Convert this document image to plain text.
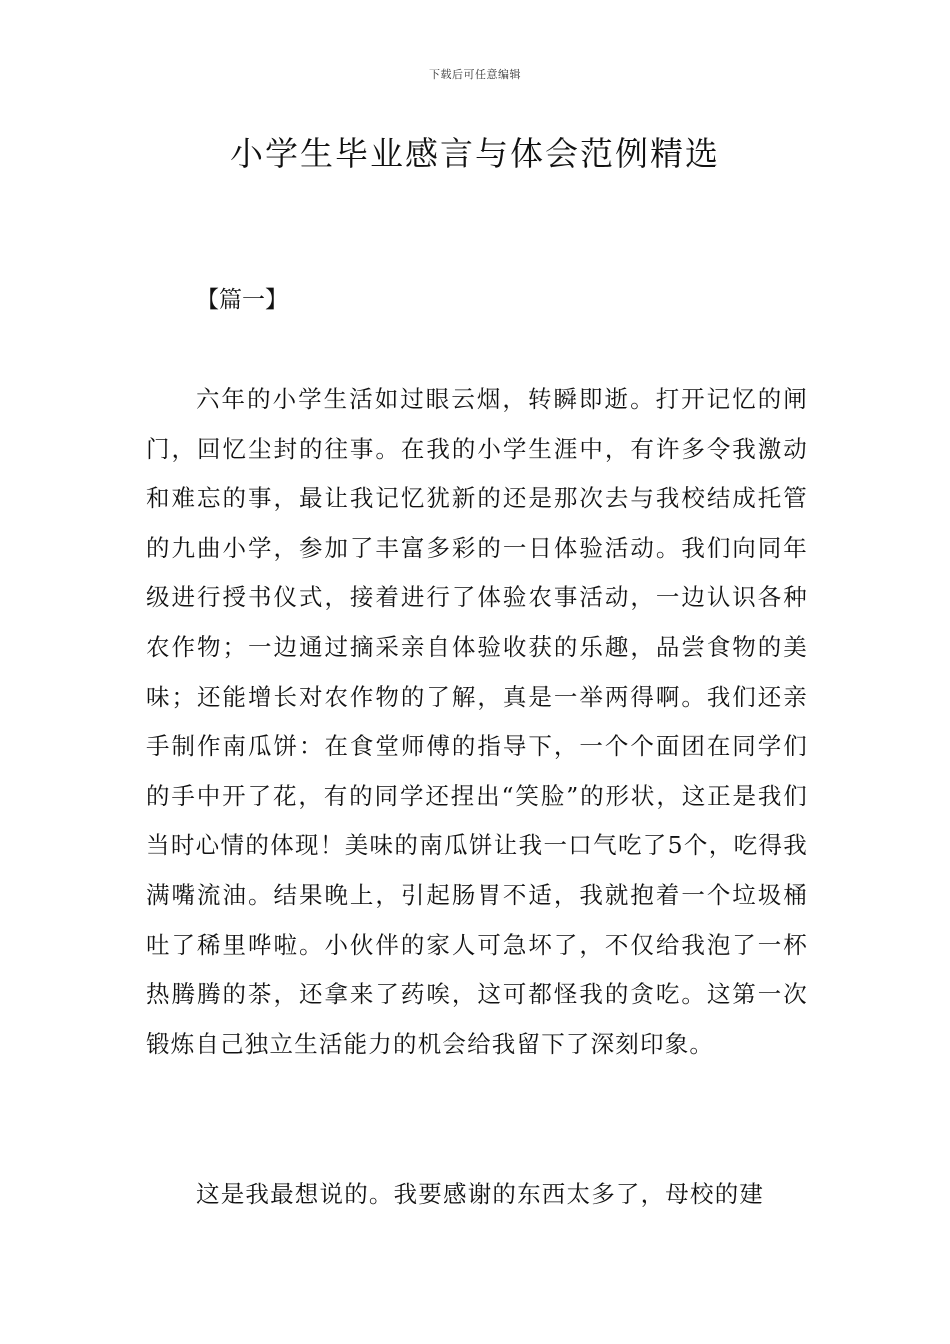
下载后可任意编辑
小学生毕业感言与体会范例精选
【篇一】

六年的小学生活如过眼云烟，转瞬即逝。打开记忆的闸门，回忆尘封的往事。在我的小学生涯中，有许多令我激动和难忘的事，最让我记忆犹新的还是那次去与我校结成托管的九曲小学，参加了丰富多彩的一日体验活动。我们向同年级进行授书仪式，接着进行了体验农事活动，一边认识各种农作物；一边通过摘采亲自体验收获的乐趣，品尝食物的美味；还能增长对农作物的了解，真是一举两得啊。我们还亲手制作南瓜饼：在食堂师傅的指导下，一个个面团在同学们的手中开了花，有的同学还捏出“笑脸”的形状，这正是我们当时心情的体现！美味的南瓜饼让我一口气吃了5个，吃得我满嘴流油。结果晚上，引起肠胃不适，我就抱着一个垃圾桶吐了稀里哗啦。小伙伴的家人可急坏了，不仅给我泡了一杯热腾腾的茶，还拿来了药唉，这可都怪我的贪吃。这第一次锻炼自己独立生活能力的机会给我留下了深刻印象。

这是我最想说的。我要感谢的东西太多了，母校的建
